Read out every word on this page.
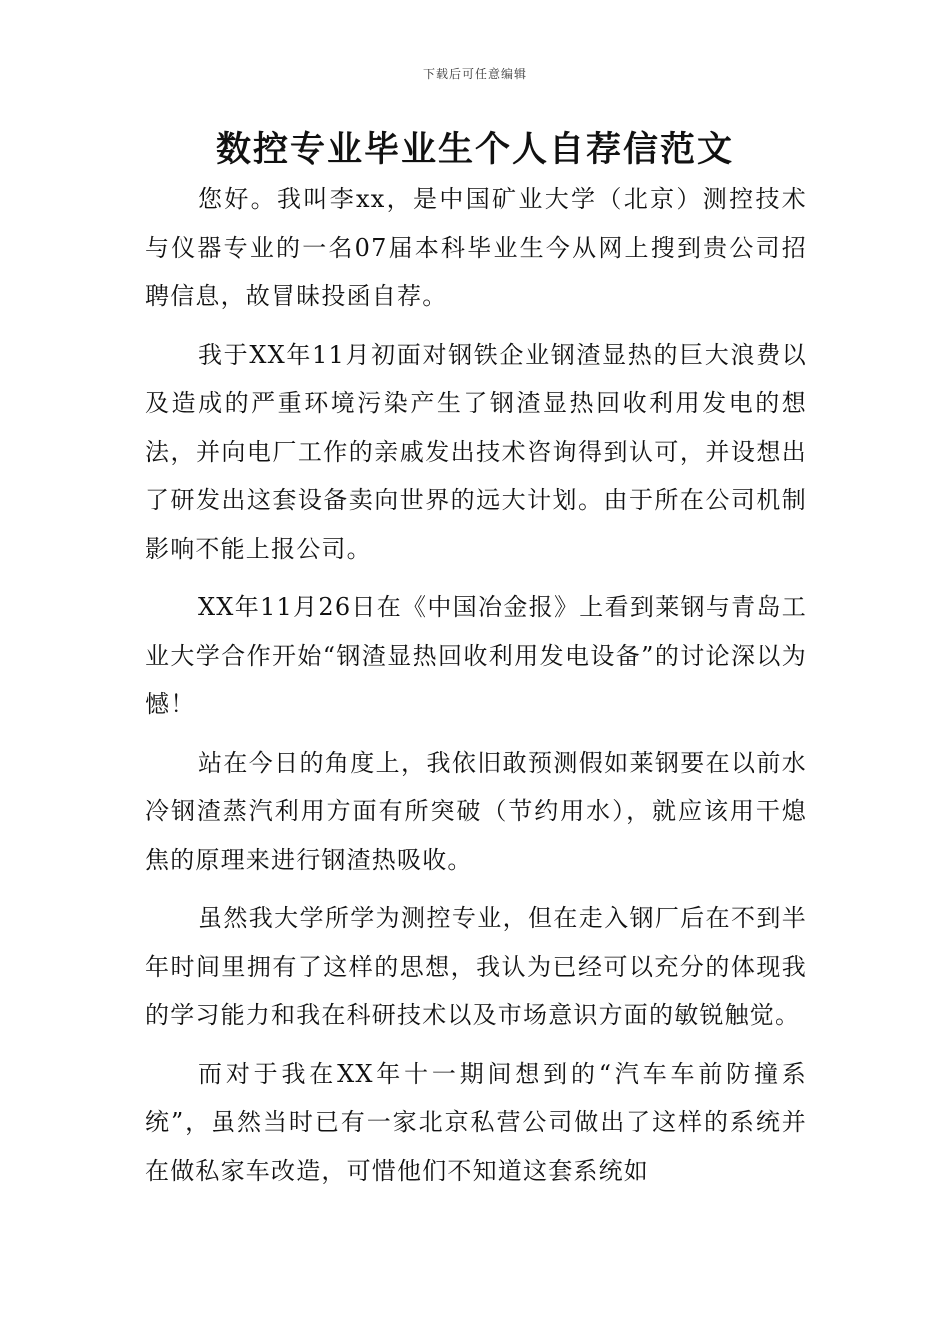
下载后可任意编辑
数控专业毕业生个人自荐信范文

您好。我叫李xx，是中国矿业大学（北京）测控技术与仪器专业的一名07届本科毕业生今从网上搜到贵公司招聘信息，故冒昧投函自荐。

我于XX年11月初面对钢铁企业钢渣显热的巨大浪费以及造成的严重环境污染产生了钢渣显热回收利用发电的想法，并向电厂工作的亲戚发出技术咨询得到认可，并设想出了研发出这套设备卖向世界的远大计划。由于所在公司机制影响不能上报公司。

XX年11月26日在《中国冶金报》上看到莱钢与青岛工业大学合作开始“钢渣显热回收利用发电设备”的讨论深以为憾！

站在今日的角度上，我依旧敢预测假如莱钢要在以前水冷钢渣蒸汽利用方面有所突破（节约用水），就应该用干熄焦的原理来进行钢渣热吸收。

虽然我大学所学为测控专业，但在走入钢厂后在不到半年时间里拥有了这样的思想，我认为已经可以充分的体现我的学习能力和我在科研技术以及市场意识方面的敏锐触觉。

而对于我在XX年十一期间想到的“汽车车前防撞系统”，虽然当时已有一家北京私营公司做出了这样的系统并在做私家车改造，可惜他们不知道这套系统如
